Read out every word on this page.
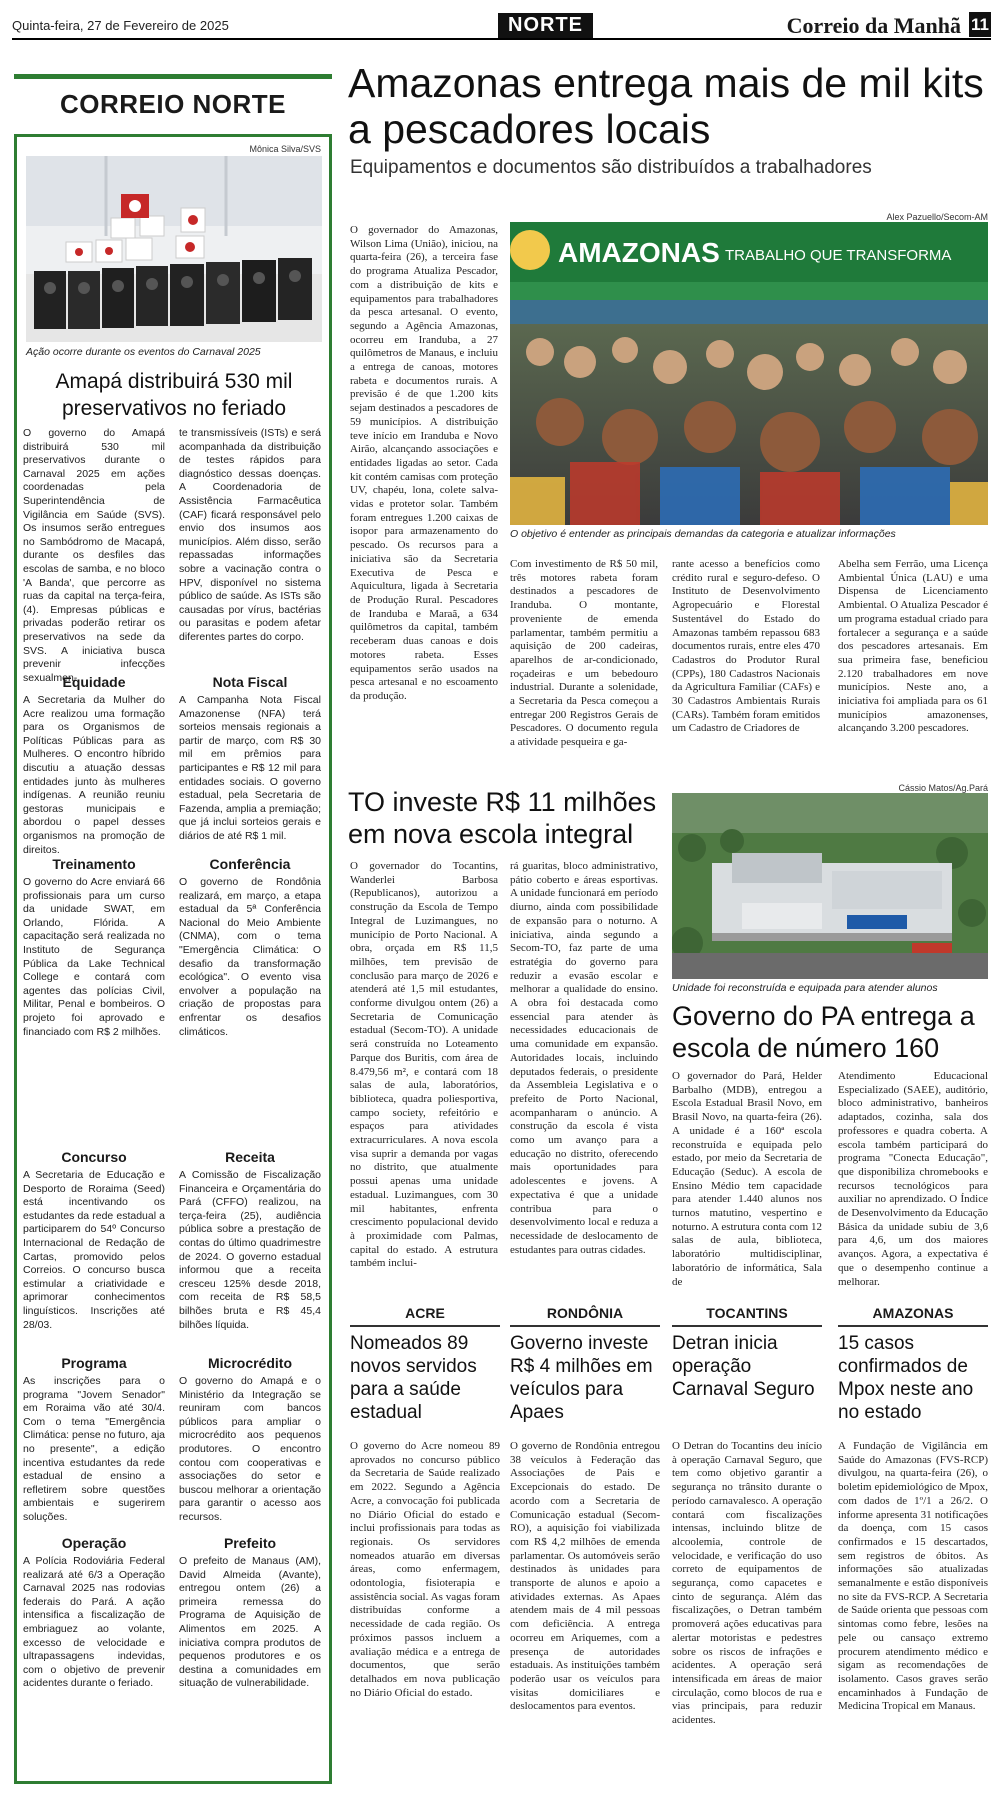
Quinta-feira, 27 de Fevereiro de 2025	NORTE	Correio da Manhã 11
CORREIO NORTE
Mônica Silva/SVS
Ação ocorre durante os eventos do Carnaval 2025
Amapá distribuirá 530 mil preservativos no feriado
O governo do Amapá distribuirá 530 mil preservativos durante o Carnaval 2025 em ações coordenadas pela Superintendência de Vigilância em Saúde (SVS). Os insumos serão entregues no Sambódromo de Macapá, durante os desfiles das escolas de samba, e no bloco 'A Banda', que percorre as ruas da capital na terça-feira, (4). Empresas públicas e privadas poderão retirar os preservativos na sede da SVS. A iniciativa busca prevenir infecções sexualmen-
te transmissíveis (ISTs) e será acompanhada da distribuição de testes rápidos para diagnóstico dessas doenças. A Coordenadoria de Assistência Farmacêutica (CAF) ficará responsável pelo envio dos insumos aos municípios. Além disso, serão repassadas informações sobre a vacinação contra o HPV, disponível no sistema público de saúde. As ISTs são causadas por vírus, bactérias ou parasitas e podem afetar diferentes partes do corpo.
Equidade
A Secretaria da Mulher do Acre realizou uma formação para os Organismos de Políticas Públicas para as Mulheres. O encontro híbrido discutiu a atuação dessas entidades junto às mulheres indígenas. A reunião reuniu gestoras municipais e abordou o papel desses organismos na promoção de direitos.
Nota Fiscal
A Campanha Nota Fiscal Amazonense (NFA) terá sorteios mensais regionais a partir de março, com R$ 30 mil em prêmios para participantes e R$ 12 mil para entidades sociais. O governo estadual, pela Secretaria de Fazenda, amplia a premiação; que já inclui sorteios gerais e diários de até R$ 1 mil.
Treinamento
O governo do Acre enviará 66 profissionais para um curso da unidade SWAT, em Orlando, Flórida. A capacitação será realizada no Instituto de Segurança Pública da Lake Technical College e contará com agentes das polícias Civil, Militar, Penal e bombeiros. O projeto foi aprovado e financiado com R$ 2 milhões.
Conferência
O governo de Rondônia realizará, em março, a etapa estadual da 5ª Conferência Nacional do Meio Ambiente (CNMA), com o tema "Emergência Climática: O desafio da transformação ecológica". O evento visa envolver a população na criação de propostas para enfrentar os desafios climáticos.
Concurso
A Secretaria de Educação e Desporto de Roraima (Seed) está incentivando os estudantes da rede estadual a participarem do 54º Concurso Internacional de Redação de Cartas, promovido pelos Correios. O concurso busca estimular a criatividade e aprimorar conhecimentos linguísticos. Inscrições até 28/03.
Receita
A Comissão de Fiscalização Financeira e Orçamentária do Pará (CFFO) realizou, na terça-feira (25), audiência pública sobre a prestação de contas do último quadrimestre de 2024. O governo estadual informou que a receita cresceu 125% desde 2018, com receita de R$ 58,5 bilhões bruta e R$ 45,4 bilhões líquida.
Programa
As inscrições para o programa "Jovem Senador" em Roraima vão até 30/4. Com o tema "Emergência Climática: pense no futuro, aja no presente", a edição incentiva estudantes da rede estadual de ensino a refletirem sobre questões ambientais e sugerirem soluções.
Microcrédito
O governo do Amapá e o Ministério da Integração se reuniram com bancos públicos para ampliar o microcrédito aos pequenos produtores. O encontro contou com cooperativas e associações do setor e buscou melhorar a orientação para garantir o acesso aos recursos.
Operação
A Polícia Rodoviária Federal realizará até 6/3 a Operação Carnaval 2025 nas rodovias federais do Pará. A ação intensifica a fiscalização de embriaguez ao volante, excesso de velocidade e ultrapassagens indevidas, com o objetivo de prevenir acidentes durante o feriado.
Prefeito
O prefeito de Manaus (AM), David Almeida (Avante), entregou ontem (26) a primeira remessa do Programa de Aquisição de Alimentos em 2025. A iniciativa compra produtos de pequenos produtores e os destina a comunidades em situação de vulnerabilidade.
Amazonas entrega mais de mil kits a pescadores locais
Equipamentos e documentos são distribuídos a trabalhadores
O governador do Amazonas, Wilson Lima (União), iniciou, na quarta-feira (26), a terceira fase do programa Atualiza Pescador, com a distribuição de kits e equipamentos para trabalhadores da pesca artesanal. O evento, segundo a Agência Amazonas, ocorreu em Iranduba, a 27 quilômetros de Manaus, e incluiu a entrega de canoas, motores rabeta e documentos rurais. A previsão é de que 1.200 kits sejam destinados a pescadores de 59 municípios. A distribuição teve início em Iranduba e Novo Airão, alcançando associações e entidades ligadas ao setor. Cada kit contém camisas com proteção UV, chapéu, lona, colete salva-vidas e protetor solar. Também foram entregues 1.200 caixas de isopor para armazenamento do pescado. Os recursos para a iniciativa são da Secretaria Executiva de Pesca e Aquicultura, ligada à Secretaria de Produção Rural. Pescadores de Iranduba e Maraã, a 634 quilômetros da capital, também receberam duas canoas e dois motores rabeta. Esses equipamentos serão usados na pesca artesanal e no escoamento da produção.
Alex Pazuello/Secom-AM
AMAZONAS TRABALHO QUE TRANSFORMA
O objetivo é entender as principais demandas da categoria e atualizar informações
Com investimento de R$ 50 mil, três motores rabeta foram destinados a pescadores de Iranduba. O montante, proveniente de emenda parlamentar, também permitiu a aquisição de 200 cadeiras, aparelhos de ar-condicionado, roçadeiras e um bebedouro industrial. Durante a solenidade, a Secretaria da Pesca começou a entregar 200 Registros Gerais de Pescadores. O documento regula a atividade pesqueira e ga-
rante acesso a benefícios como crédito rural e seguro-defeso. O Instituto de Desenvolvimento Agropecuário e Florestal Sustentável do Estado do Amazonas também repassou 683 documentos rurais, entre eles 470 Cadastros do Produtor Rural (CPPs), 180 Cadastros Nacionais da Agricultura Familiar (CAFs) e 30 Cadastros Ambientais Rurais (CARs). Também foram emitidos um Cadastro de Criadores de
Abelha sem Ferrão, uma Licença Ambiental Única (LAU) e uma Dispensa de Licenciamento Ambiental. O Atualiza Pescador é um programa estadual criado para fortalecer a segurança e a saúde dos pescadores artesanais. Em sua primeira fase, beneficiou 2.120 trabalhadores em nove municípios. Neste ano, a iniciativa foi ampliada para os 61 municípios amazonenses, alcançando 3.200 pescadores.
TO investe R$ 11 milhões em nova escola integral
O governador do Tocantins, Wanderlei Barbosa (Republicanos), autorizou a construção da Escola de Tempo Integral de Luzimangues, no município de Porto Nacional. A obra, orçada em R$ 11,5 milhões, tem previsão de conclusão para março de 2026 e atenderá até 1,5 mil estudantes, conforme divulgou ontem (26) a Secretaria de Comunicação estadual (Secom-TO). A unidade será construída no Loteamento Parque dos Buritis, com área de 8.479,56 m², e contará com 18 salas de aula, laboratórios, biblioteca, quadra poliesportiva, campo society, refeitório e espaços para atividades extracurriculares. A nova escola visa suprir a demanda por vagas no distrito, que atualmente possui apenas uma unidade estadual. Luzimangues, com 30 mil habitantes, enfrenta crescimento populacional devido à proximidade com Palmas, capital do estado. A estrutura também inclui-
rá guaritas, bloco administrativo, pátio coberto e áreas esportivas. A unidade funcionará em período diurno, ainda com possibilidade de expansão para o noturno. A iniciativa, ainda segundo a Secom-TO, faz parte de uma estratégia do governo para reduzir a evasão escolar e melhorar a qualidade do ensino. A obra foi destacada como essencial para atender às necessidades educacionais de uma comunidade em expansão. Autoridades locais, incluindo deputados federais, o presidente da Assembleia Legislativa e o prefeito de Porto Nacional, acompanharam o anúncio. A construção da escola é vista como um avanço para a educação no distrito, oferecendo mais oportunidades para adolescentes e jovens. A expectativa é que a unidade contribua para o desenvolvimento local e reduza a necessidade de deslocamento de estudantes para outras cidades.
Cássio Matos/Ag.Pará
Unidade foi reconstruída e equipada para atender alunos
Governo do PA entrega a escola de número 160
O governador do Pará, Helder Barbalho (MDB), entregou a Escola Estadual Brasil Novo, em Brasil Novo, na quarta-feira (26). A unidade é a 160ª escola reconstruída e equipada pelo estado, por meio da Secretaria de Educação (Seduc). A escola de Ensino Médio tem capacidade para atender 1.440 alunos nos turnos matutino, vespertino e noturno. A estrutura conta com 12 salas de aula, biblioteca, laboratório multidisciplinar, laboratório de informática, Sala de
Atendimento Educacional Especializado (SAEE), auditório, bloco administrativo, banheiros adaptados, cozinha, sala dos professores e quadra coberta. A escola também participará do programa "Conecta Educação", que disponibiliza chromebooks e recursos tecnológicos para auxiliar no aprendizado. O Índice de Desenvolvimento da Educação Básica da unidade subiu de 3,6 para 4,6, um dos maiores avanços. Agora, a expectativa é que o desempenho continue a melhorar.
ACRE
Nomeados 89 novos servidos para a saúde estadual
O governo do Acre nomeou 89 aprovados no concurso público da Secretaria de Saúde realizado em 2022. Segundo a Agência Acre, a convocação foi publicada no Diário Oficial do estado e inclui profissionais para todas as regionais. Os servidores nomeados atuarão em diversas áreas, como enfermagem, odontologia, fisioterapia e assistência social. As vagas foram distribuídas conforme a necessidade de cada região. Os próximos passos incluem a avaliação médica e a entrega de documentos, que serão detalhados em nova publicação no Diário Oficial do estado.
RONDÔNIA
Governo investe R$ 4 milhões em veículos para Apaes
O governo de Rondônia entregou 38 veículos à Federação das Associações de Pais e Excepcionais do estado. De acordo com a Secretaria de Comunicação estadual (Secom-RO), a aquisição foi viabilizada com R$ 4,2 milhões de emenda parlamentar. Os automóveis serão destinados às unidades para transporte de alunos e apoio a atividades externas. As Apaes atendem mais de 4 mil pessoas com deficiência. A entrega ocorreu em Ariquemes, com a presença de autoridades estaduais. As instituições também poderão usar os veículos para visitas domiciliares e deslocamentos para eventos.
TOCANTINS
Detran inicia operação Carnaval Seguro
O Detran do Tocantins deu início à operação Carnaval Seguro, que tem como objetivo garantir a segurança no trânsito durante o período carnavalesco. A operação contará com fiscalizações intensas, incluindo blitze de alcoolemia, controle de velocidade, e verificação do uso correto de equipamentos de segurança, como capacetes e cinto de segurança. Além das fiscalizações, o Detran também promoverá ações educativas para alertar motoristas e pedestres sobre os riscos de infrações e acidentes. A operação será intensificada em áreas de maior circulação, como blocos de rua e vias principais, para reduzir acidentes.
AMAZONAS
15 casos confirmados de Mpox neste ano no estado
A Fundação de Vigilância em Saúde do Amazonas (FVS-RCP) divulgou, na quarta-feira (26), o boletim epidemiológico de Mpox, com dados de 1º/1 a 26/2. O informe apresenta 31 notificações da doença, com 15 casos confirmados e 15 descartados, sem registros de óbitos. As informações são atualizadas semanalmente e estão disponíveis no site da FVS-RCP. A Secretaria de Saúde orienta que pessoas com sintomas como febre, lesões na pele ou cansaço extremo procurem atendimento médico e sigam as recomendações de isolamento. Casos graves serão encaminhados à Fundação de Medicina Tropical em Manaus.
